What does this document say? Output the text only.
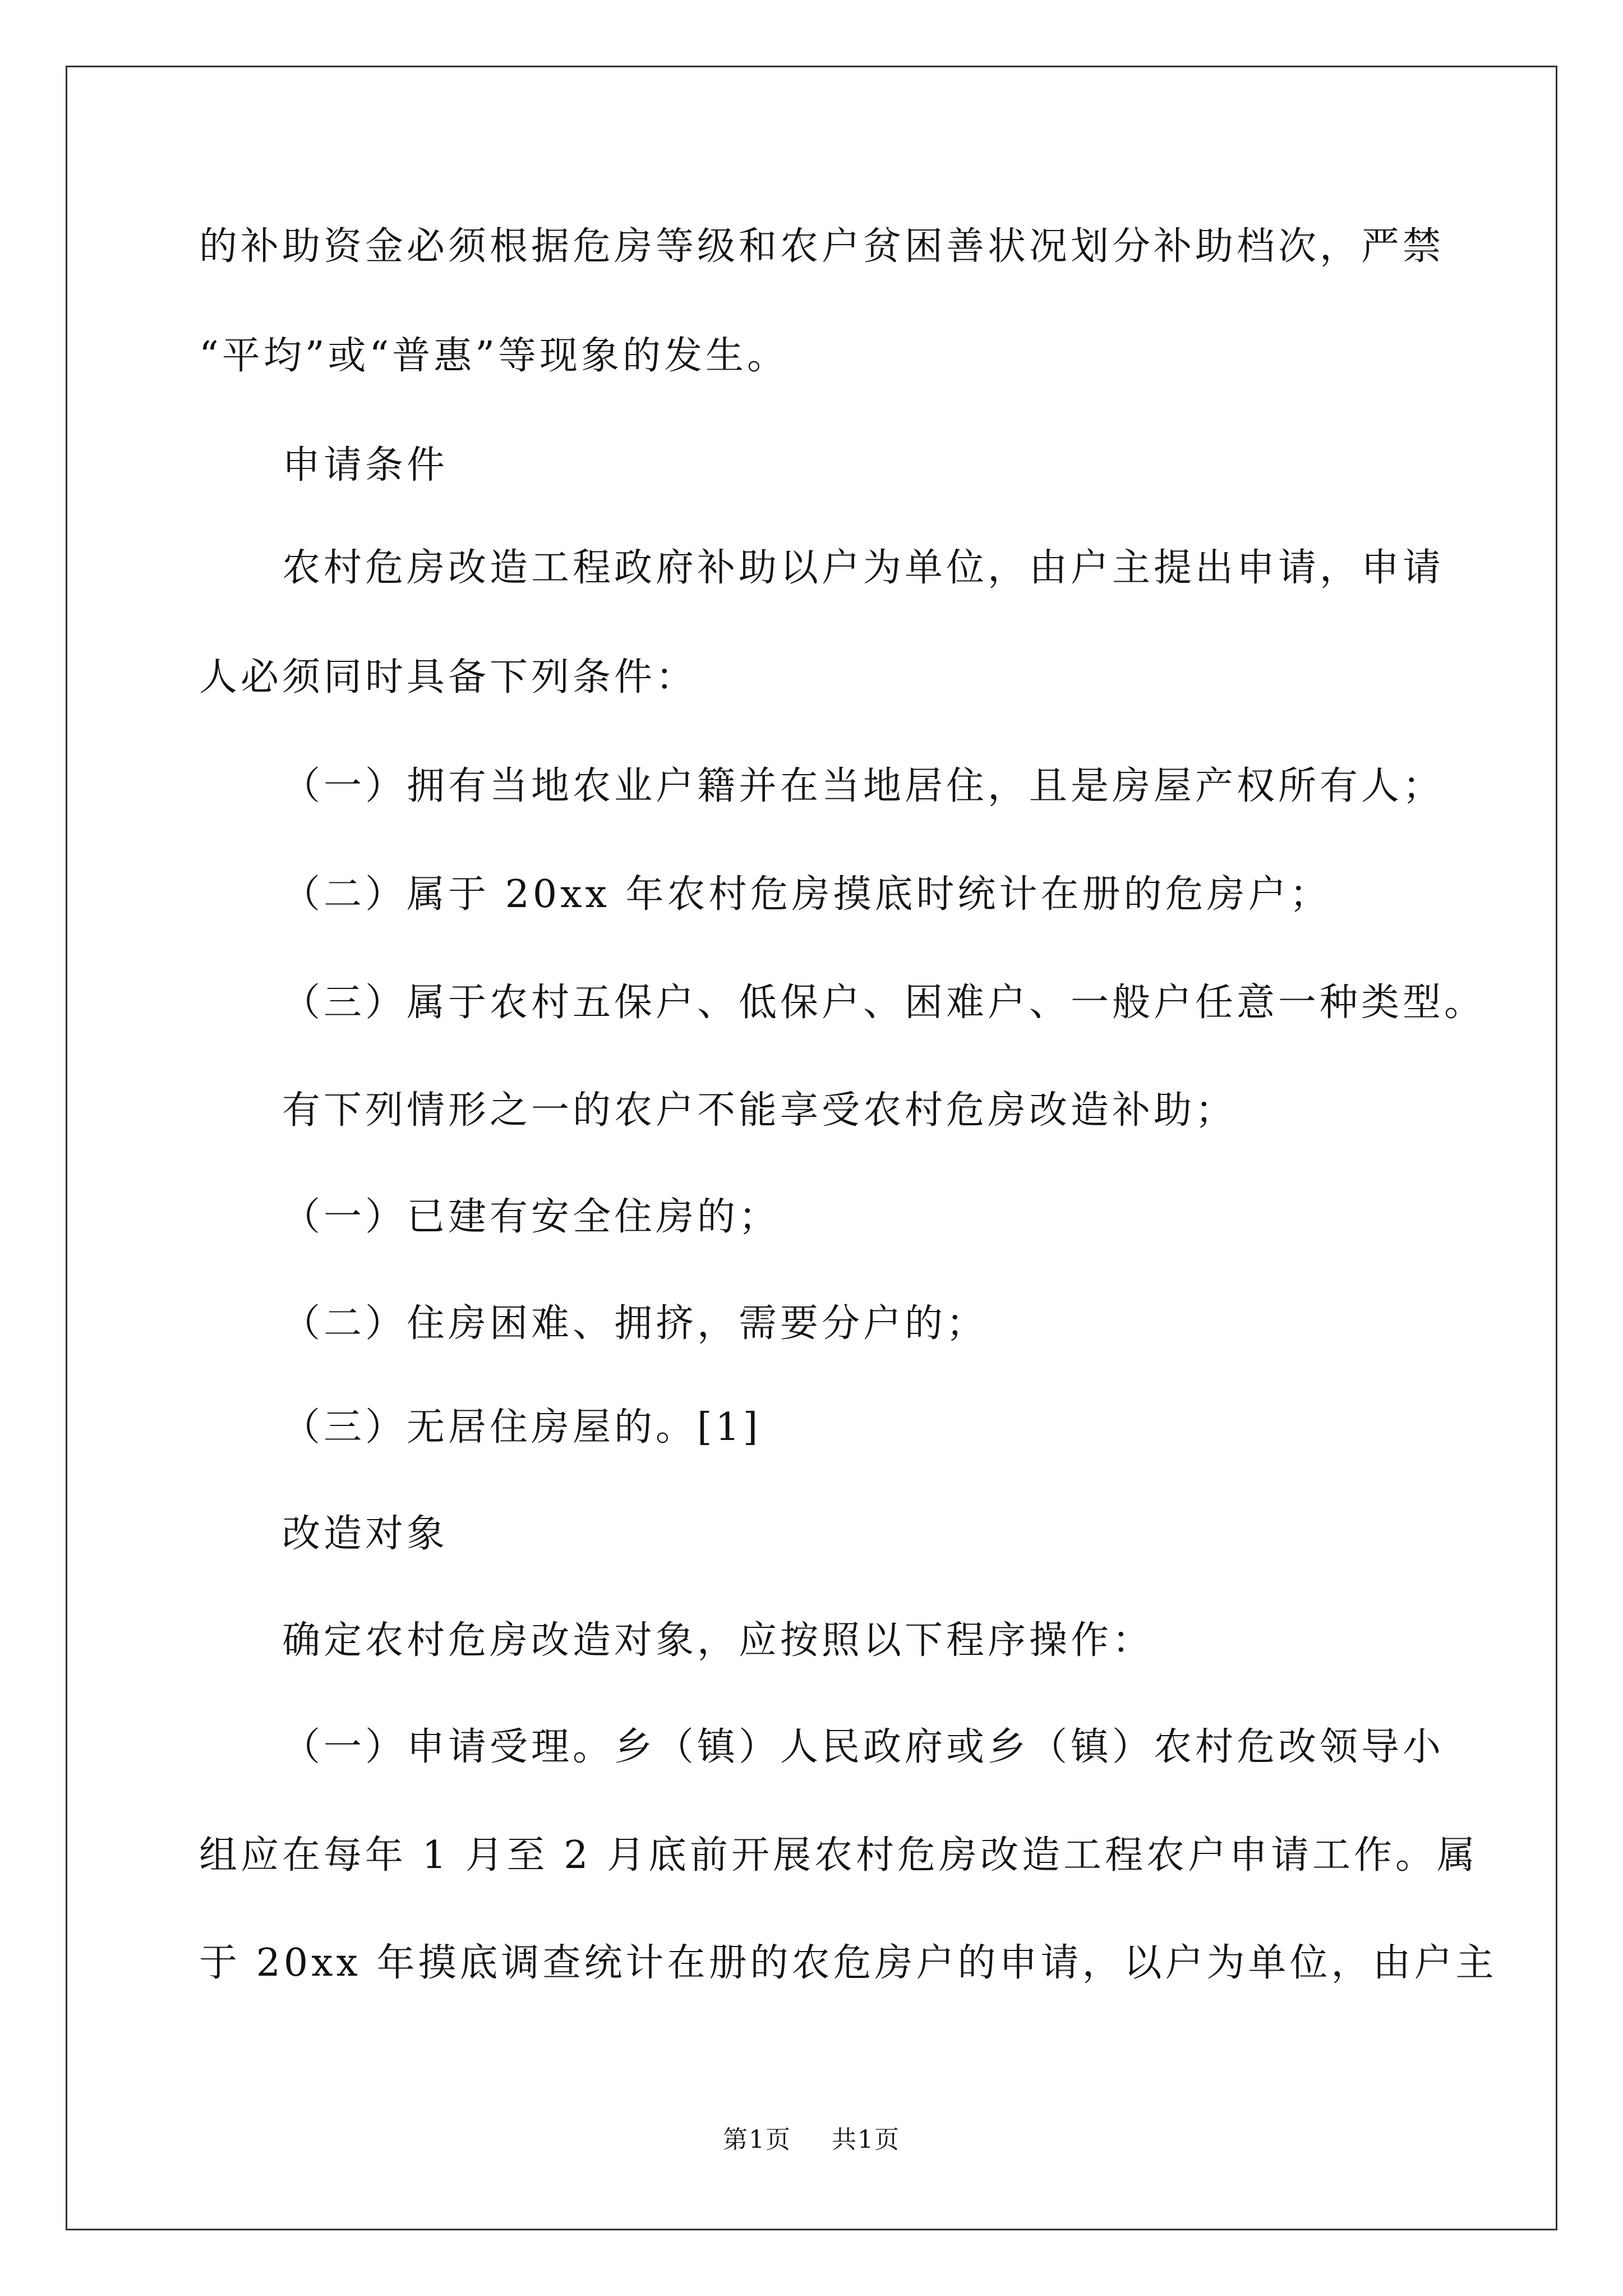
的补助资金必须根据危房等级和农户贫困善状况划分补助档次，严禁
“平均”或“普惠”等现象的发生。
申请条件
农村危房改造工程政府补助以户为单位，由户主提出申请，申请
人必须同时具备下列条件：
（一）拥有当地农业户籍并在当地居住，且是房屋产权所有人；
（二）属于 20xx 年农村危房摸底时统计在册的危房户；
（三）属于农村五保户、低保户、困难户、一般户任意一种类型。
有下列情形之一的农户不能享受农村危房改造补助；
（一）已建有安全住房的；
（二）住房困难、拥挤，需要分户的；
（三）无居住房屋的。[1]
改造对象
确定农村危房改造对象，应按照以下程序操作：
（一）申请受理。乡（镇）人民政府或乡（镇）农村危改领导小
组应在每年 1 月至 2 月底前开展农村危房改造工程农户申请工作。属
于 20xx 年摸底调查统计在册的农危房户的申请，以户为单位，由户主
第1页 共1页
